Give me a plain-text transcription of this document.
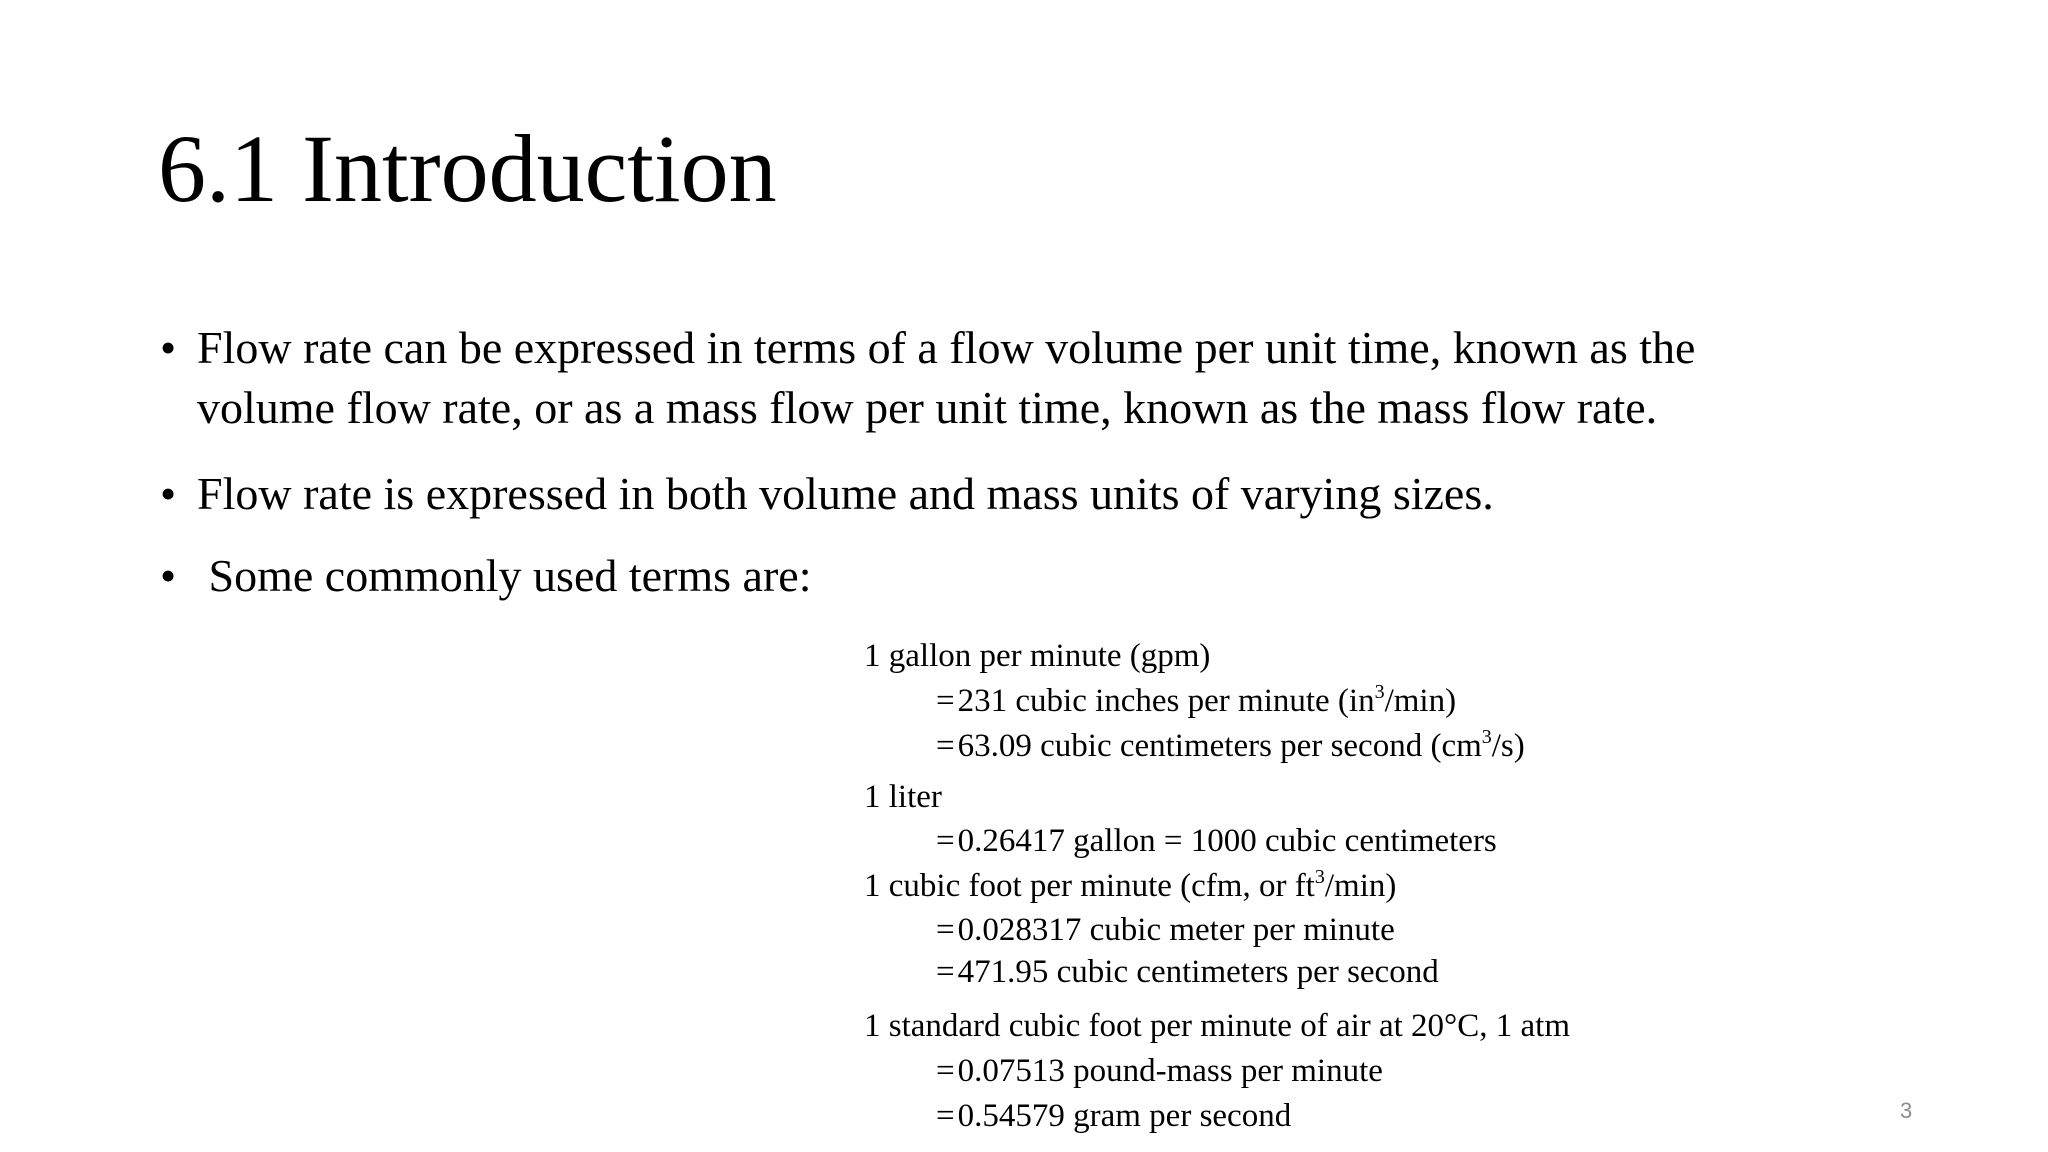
6.1 Introduction
• Flow rate can be expressed in terms of a flow volume per unit time, known as the
volume flow rate, or as a mass flow per unit time, known as the mass flow rate.
• Flow rate is expressed in both volume and mass units of varying sizes.
• Some commonly used terms are:
1 gallon per minute (gpm)
=231 cubic inches per minute $(in^3/\min)$
=63.09 cubic centimeters per second $(cm^3/s)$
1 liter
=0.26417 gallon = 1000 cubic centimeters
1 cubic foot per minute (cfm, or $ft^3/\min$)
=0.028317 cubic meter per minute
=471.95 cubic centimeters per second
1 standard cubic foot per minute of air at 20°C, 1 atm
=0.07513 pound-mass per minute
=0.54579 gram per second	3
